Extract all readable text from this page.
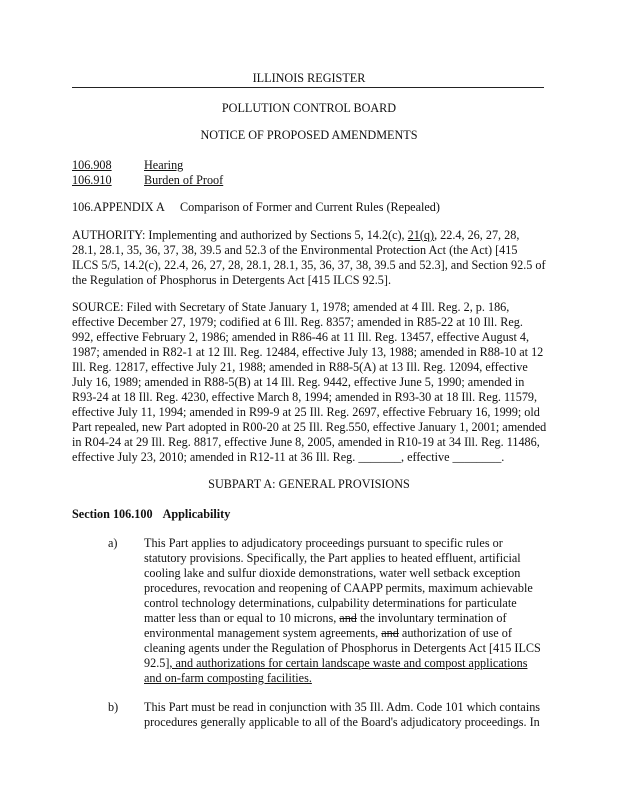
ILLINOIS REGISTER
POLLUTION CONTROL BOARD
NOTICE OF PROPOSED AMENDMENTS
106.908	Hearing
106.910	Burden of Proof
106.APPENDIX A Comparison of Former and Current Rules (Repealed)
AUTHORITY: Implementing and authorized by Sections 5, 14.2(c), 21(q), 22.4, 26, 27, 28,
28.1, 28.1, 35, 36, 37, 38, 39.5 and 52.3 of the Environmental Protection Act (the Act) [415
ILCS 5/5, 14.2(c), 22.4, 26, 27, 28, 28.1, 28.1, 35, 36, 37, 38, 39.5 and 52.3], and Section 92.5 of
the Regulation of Phosphorus in Detergents Act [415 ILCS 92.5].
SOURCE: Filed with Secretary of State January 1, 1978; amended at 4 Ill. Reg. 2, p. 186,
effective December 27, 1979; codified at 6 Ill. Reg. 8357; amended in R85-22 at 10 Ill. Reg.
992, effective February 2, 1986; amended in R86-46 at 11 Ill. Reg. 13457, effective August 4,
1987; amended in R82-1 at 12 Ill. Reg. 12484, effective July 13, 1988; amended in R88-10 at 12
Ill. Reg. 12817, effective July 21, 1988; amended in R88-5(A) at 13 Ill. Reg. 12094, effective
July 16, 1989; amended in R88-5(B) at 14 Ill. Reg. 9442, effective June 5, 1990; amended in
R93-24 at 18 Ill. Reg. 4230, effective March 8, 1994; amended in R93-30 at 18 Ill. Reg. 11579,
effective July 11, 1994; amended in R99-9 at 25 Ill. Reg. 2697, effective February 16, 1999; old
Part repealed, new Part adopted in R00-20 at 25 Ill. Reg.550, effective January 1, 2001; amended
in R04-24 at 29 Ill. Reg. 8817, effective June 8, 2005, amended in R10-19 at 34 Ill. Reg. 11486,
effective July 23, 2010; amended in R12-11 at 36 Ill. Reg. _______, effective ________.
SUBPART A: GENERAL PROVISIONS
Section 106.100 Applicability
a) This Part applies to adjudicatory proceedings pursuant to specific rules or
statutory provisions. Specifically, the Part applies to heated effluent, artificial
cooling lake and sulfur dioxide demonstrations, water well setback exception
procedures, revocation and reopening of CAAPP permits, maximum achievable
control technology determinations, culpability determinations for particulate
matter less than or equal to 10 microns, and the involuntary termination of
environmental management system agreements, and authorization of use of
cleaning agents under the Regulation of Phosphorus in Detergents Act [415 ILCS
92.5], and authorizations for certain landscape waste and compost applications
and on-farm composting facilities.
b) This Part must be read in conjunction with 35 Ill. Adm. Code 101 which contains
procedures generally applicable to all of the Board's adjudicatory proceedings. In
